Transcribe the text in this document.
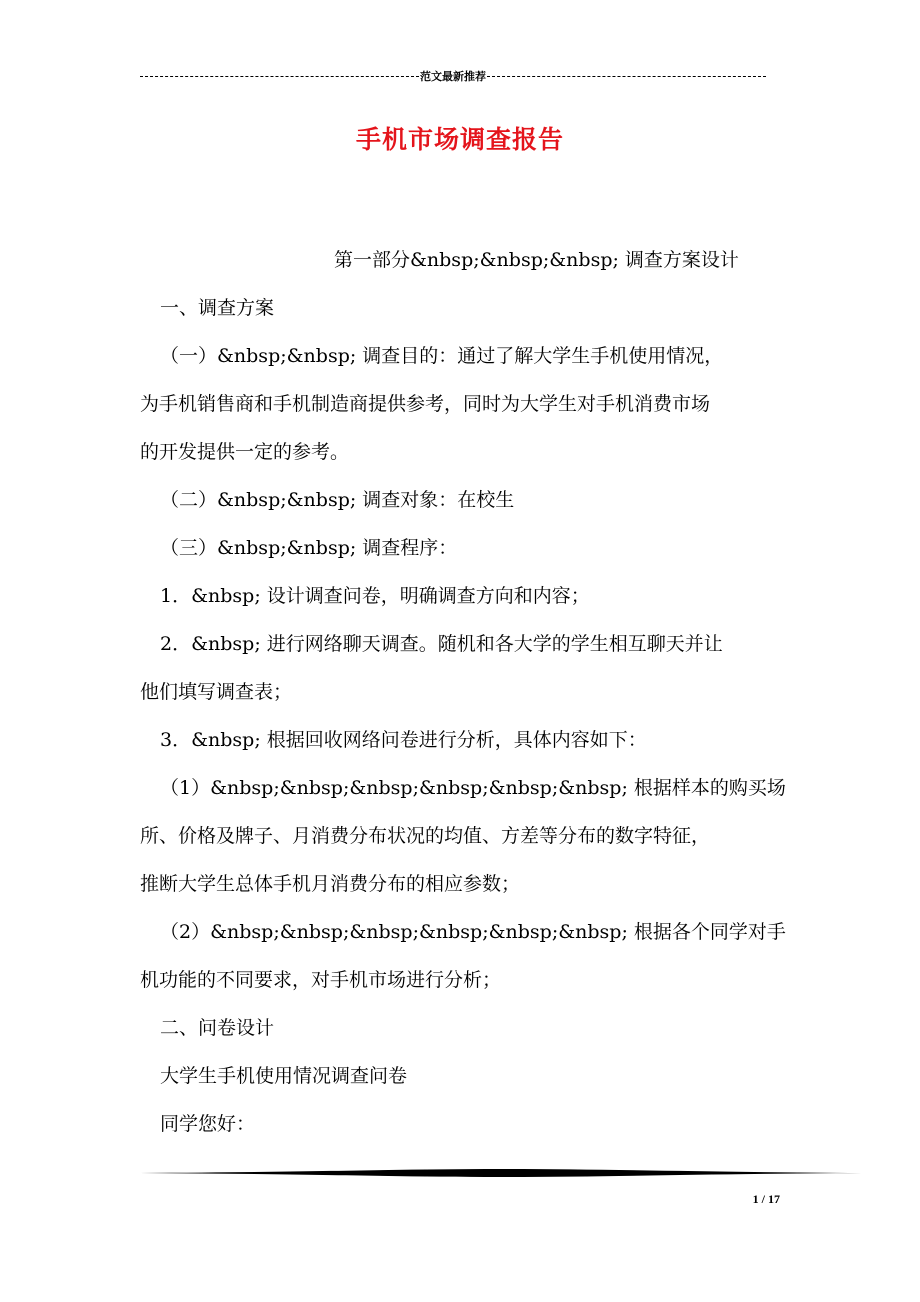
范文最新推荐
手机市场调查报告

第一部分&nbsp;&nbsp;&nbsp; 调查方案设计

一、调查方案

（一）&nbsp;&nbsp; 调查目的：通过了解大学生手机使用情况，

为手机销售商和手机制造商提供参考，同时为大学生对手机消费市场

的开发提供一定的参考。

（二）&nbsp;&nbsp; 调查对象：在校生

（三）&nbsp;&nbsp; 调查程序：

1．&nbsp; 设计调查问卷，明确调查方向和内容；

2．&nbsp; 进行网络聊天调查。随机和各大学的学生相互聊天并让

他们填写调查表；

3．&nbsp; 根据回收网络问卷进行分析，具体内容如下：

（1）&nbsp;&nbsp;&nbsp;&nbsp;&nbsp;&nbsp; 根据样本的购买场

所、价格及牌子、月消费分布状况的均值、方差等分布的数字特征，

推断大学生总体手机月消费分布的相应参数；

（2）&nbsp;&nbsp;&nbsp;&nbsp;&nbsp;&nbsp; 根据各个同学对手

机功能的不同要求，对手机市场进行分析；

二、问卷设计

大学生手机使用情况调查问卷

同学您好：

1 / 17
